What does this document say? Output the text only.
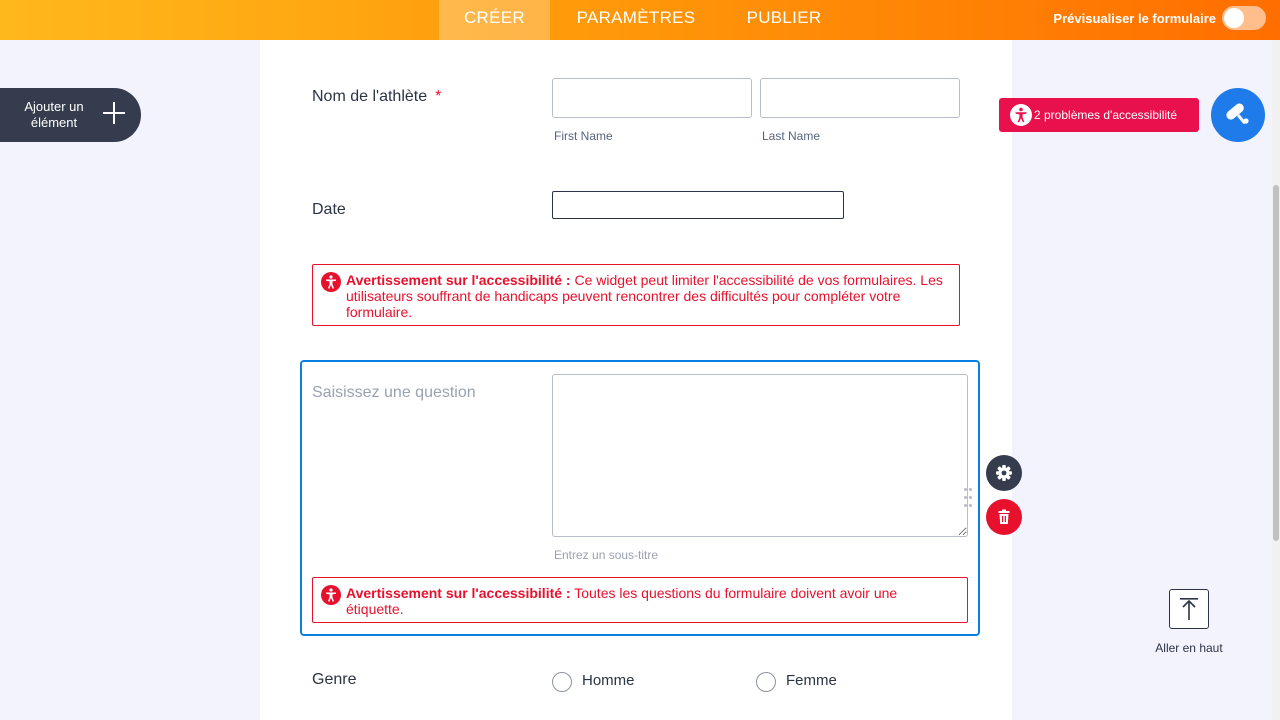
CRÉER	PARAMÈTRES	PUBLIER	Prévisualiser le formulaire
Ajouter un élément
Nom de l'athlète *
First Name	Last Name
Date
Avertissement sur l'accessibilité : Ce widget peut limiter l'accessibilité de vos formulaires. Les utilisateurs souffrant de handicaps peuvent rencontrer des difficultés pour compléter votre formulaire.
Saisissez une question
Entrez un sous-titre
Avertissement sur l'accessibilité : Toutes les questions du formulaire doivent avoir une étiquette.
Genre	Homme	Femme
2 problèmes d'accessibilité
Aller en haut
